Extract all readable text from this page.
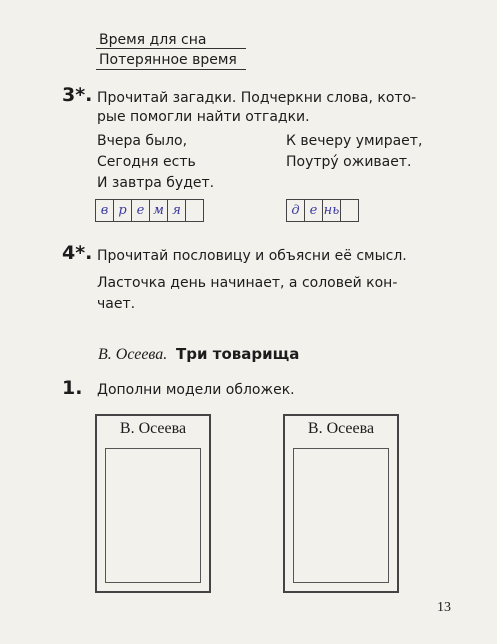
Время для сна
Потерянное время
3*. Прочитай загадки. Подчеркни слова, кото-
рые помогли найти отгадки.
Вчера было,
Сегодня есть
И завтра будет.
К вечеру умирает,
Поутру́ оживает.
в р е м я	д е нь
4*. Прочитай пословицу и объясни её смысл.
Ласточка день начинает, а соловей кон-
чает.
В. Осеева. Три товарища
1. Дополни модели обложек.
В. Осеева	В. Осеева
13
